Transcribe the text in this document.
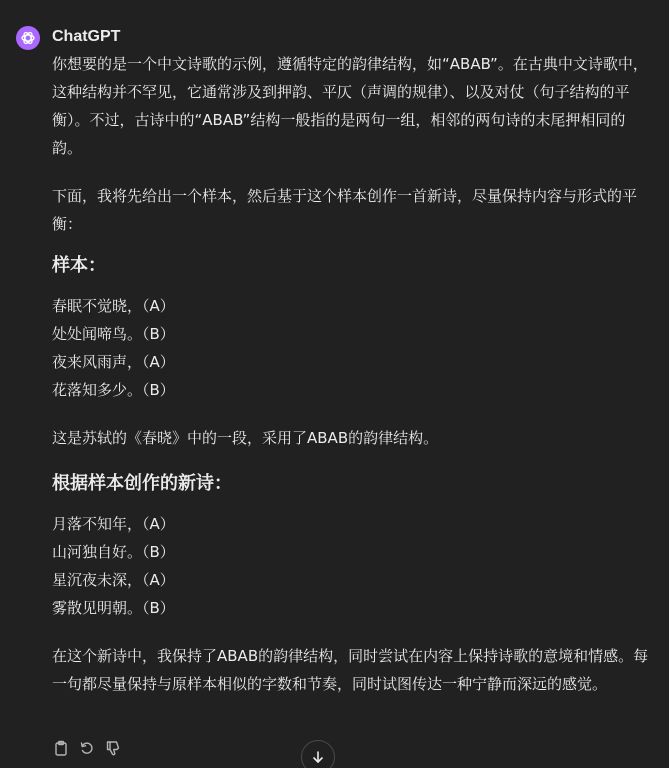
ChatGPT

你想要的是一个中文诗歌的示例，遵循特定的韵律结构，如“ABAB”。在古典中文诗歌中，这种结构并不罕见，它通常涉及到押韵、平仄（声调的规律）、以及对仗（句子结构的平衡）。不过，古诗中的“ABAB”结构一般指的是两句一组，相邻的两句诗的末尾押相同的韵。

下面，我将先给出一个样本，然后基于这个样本创作一首新诗，尽量保持内容与形式的平衡：

样本：

春眠不觉晓，（A）

处处闻啼鸟。（B）

夜来风雨声，（A）

花落知多少。（B）

这是苏轼的《春晓》中的一段，采用了ABAB的韵律结构。

根据样本创作的新诗：

月落不知年，（A）

山河独自好。（B）

星沉夜未深，（A）

雾散见明朝。（B）

在这个新诗中，我保持了ABAB的韵律结构，同时尝试在内容上保持诗歌的意境和情感。每一句都尽量保持与原样本相似的字数和节奏，同时试图传达一种宁静而深远的感觉。
